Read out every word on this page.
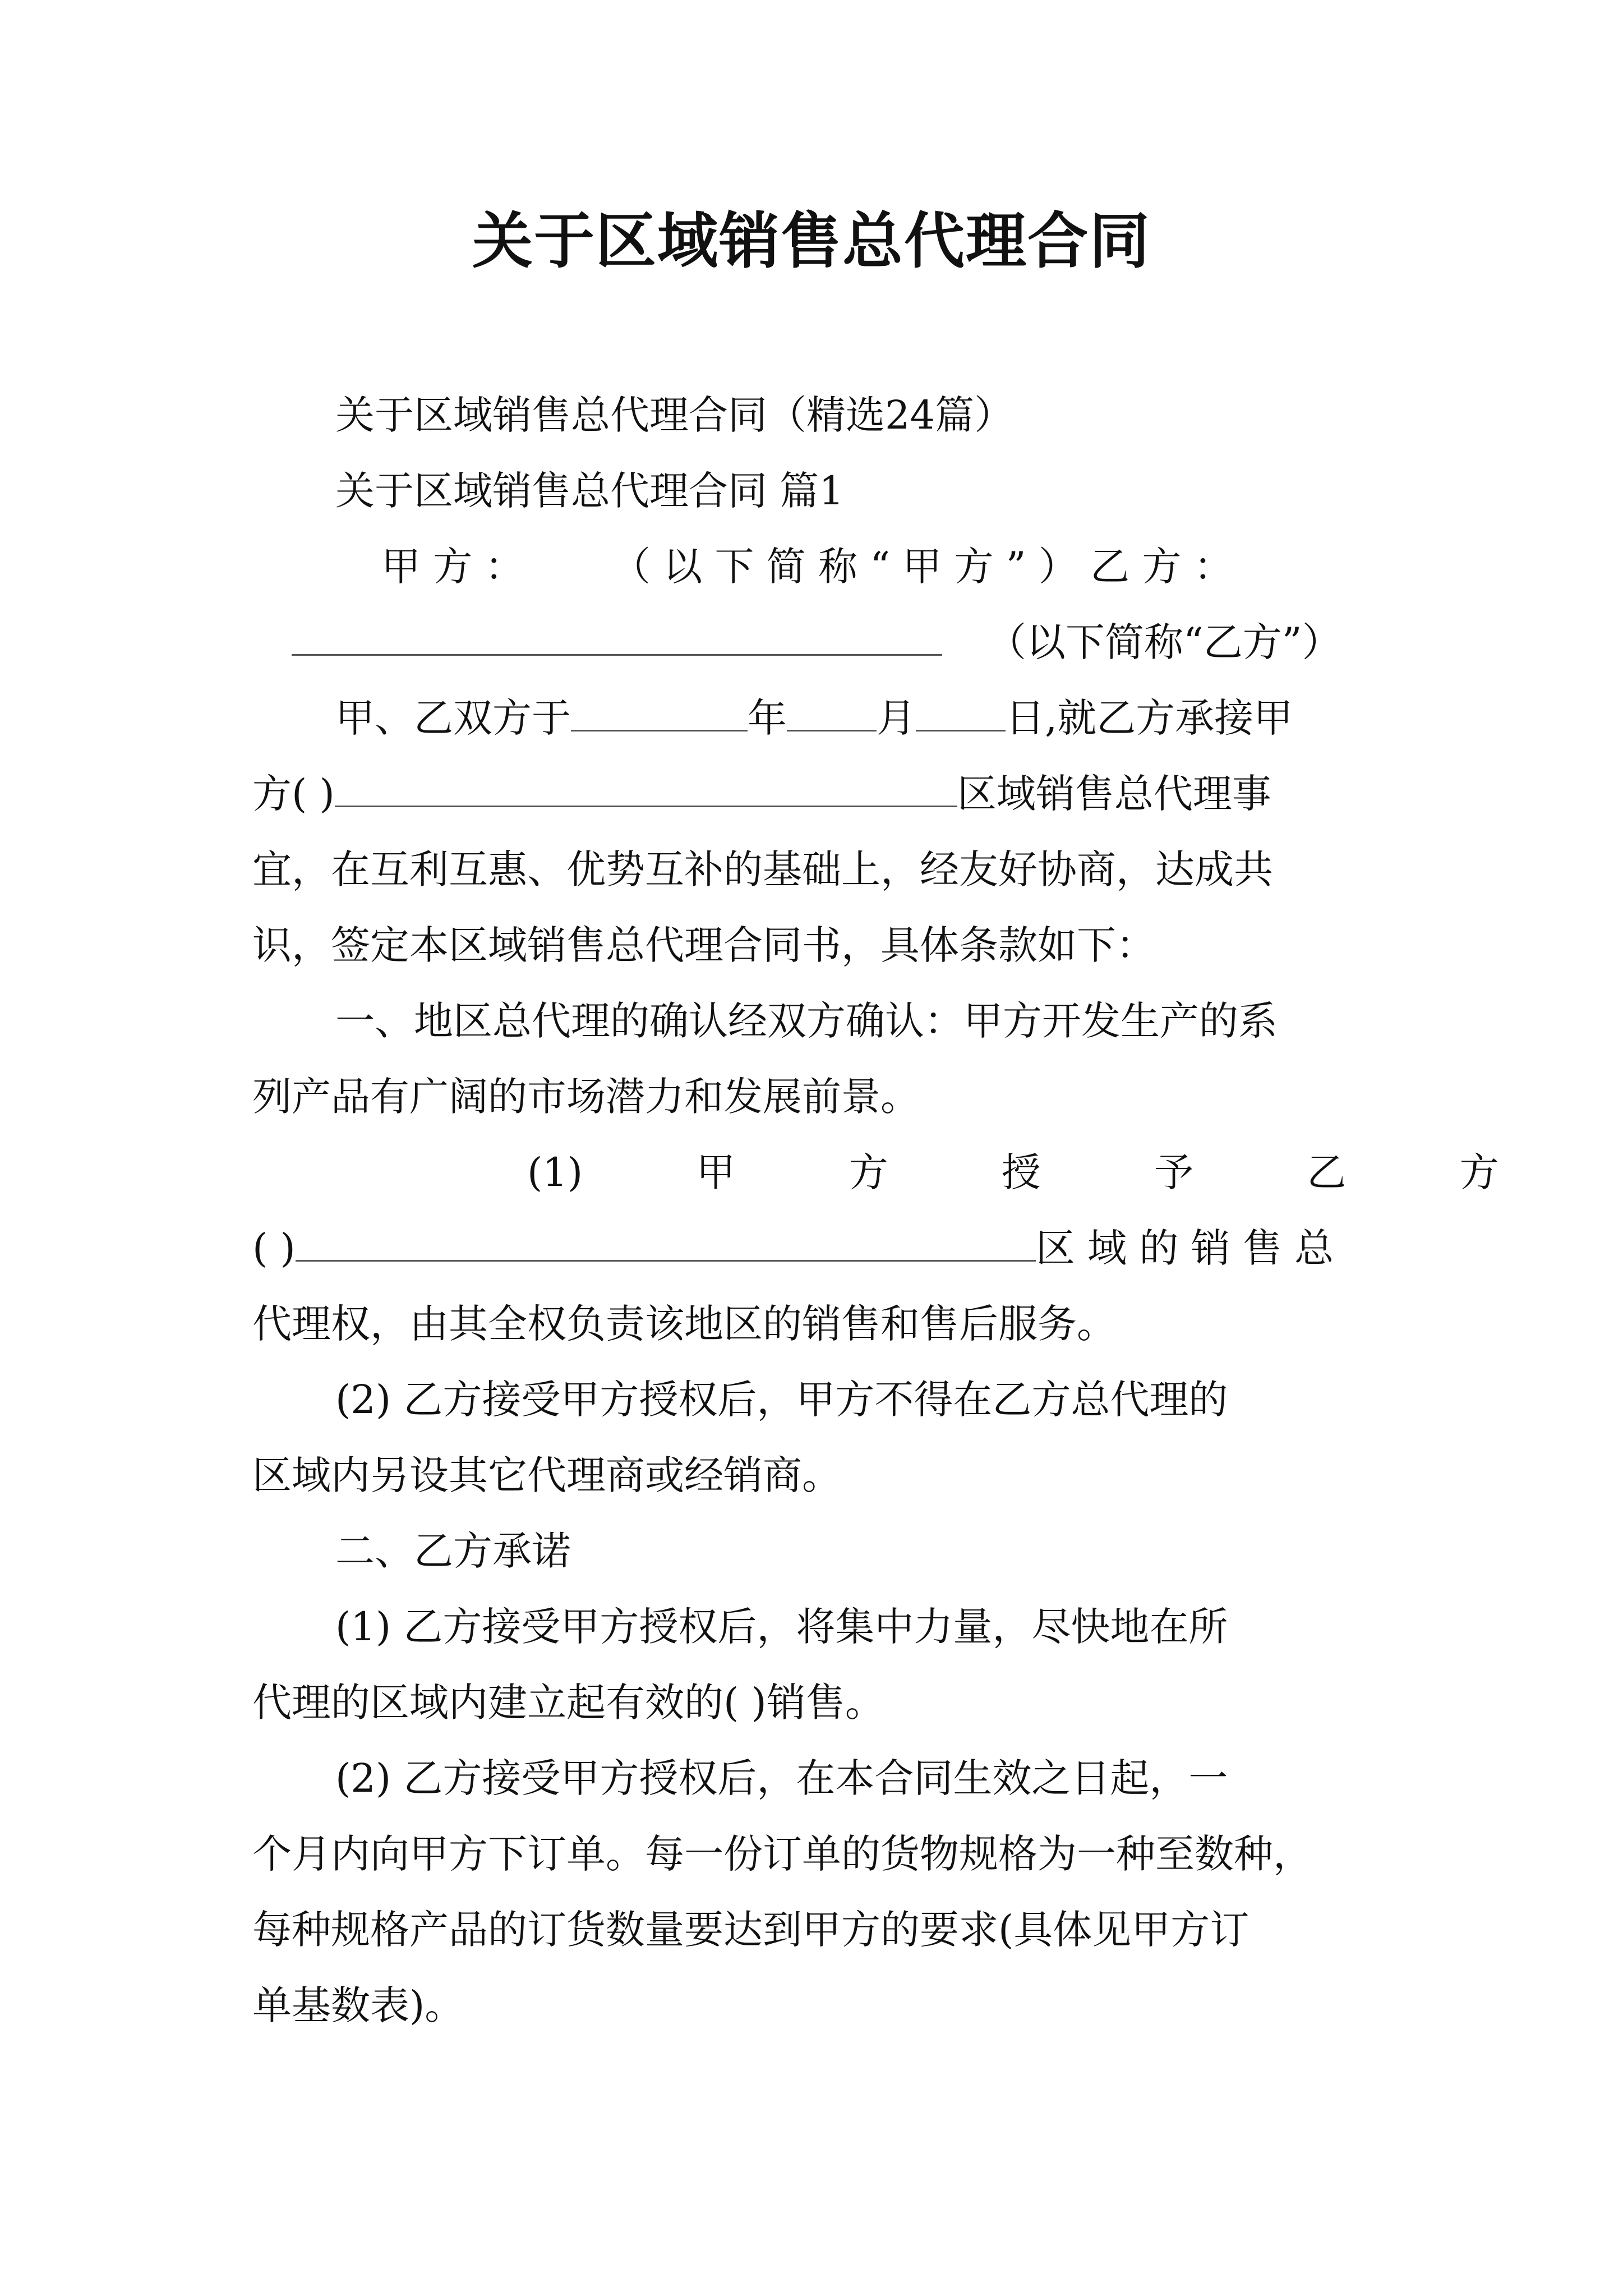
关于区域销售总代理合同
关于区域销售总代理合同（精选24篇）
关于区域销售总代理合同 篇1
甲 方 ： （ 以 下 简 称 “ 甲 方 ” ） 乙 方 ：
（以下简称“乙方”）
甲、乙双方于	年 月 日,就乙方承接甲
方( )	区域销售总代理事
宜，在互利互惠、优势互补的基础上，经友好协商，达成共
识，签定本区域销售总代理合同书，具体条款如下：
一、地区总代理的确认经双方确认：甲方开发生产的系
列产品有广阔的市场潜力和发展前景。
(1) 甲 方 授 予 乙 方
( )	区 域 的 销 售 总
代理权，由其全权负责该地区的销售和售后服务。
(2) 乙方接受甲方授权后，甲方不得在乙方总代理的
区域内另设其它代理商或经销商。
二、乙方承诺
(1) 乙方接受甲方授权后，将集中力量，尽快地在所
代理的区域内建立起有效的( )销售。
(2) 乙方接受甲方授权后，在本合同生效之日起，一
个月内向甲方下订单。每一份订单的货物规格为一种至数种，
每种规格产品的订货数量要达到甲方的要求(具体见甲方订
单基数表)。
